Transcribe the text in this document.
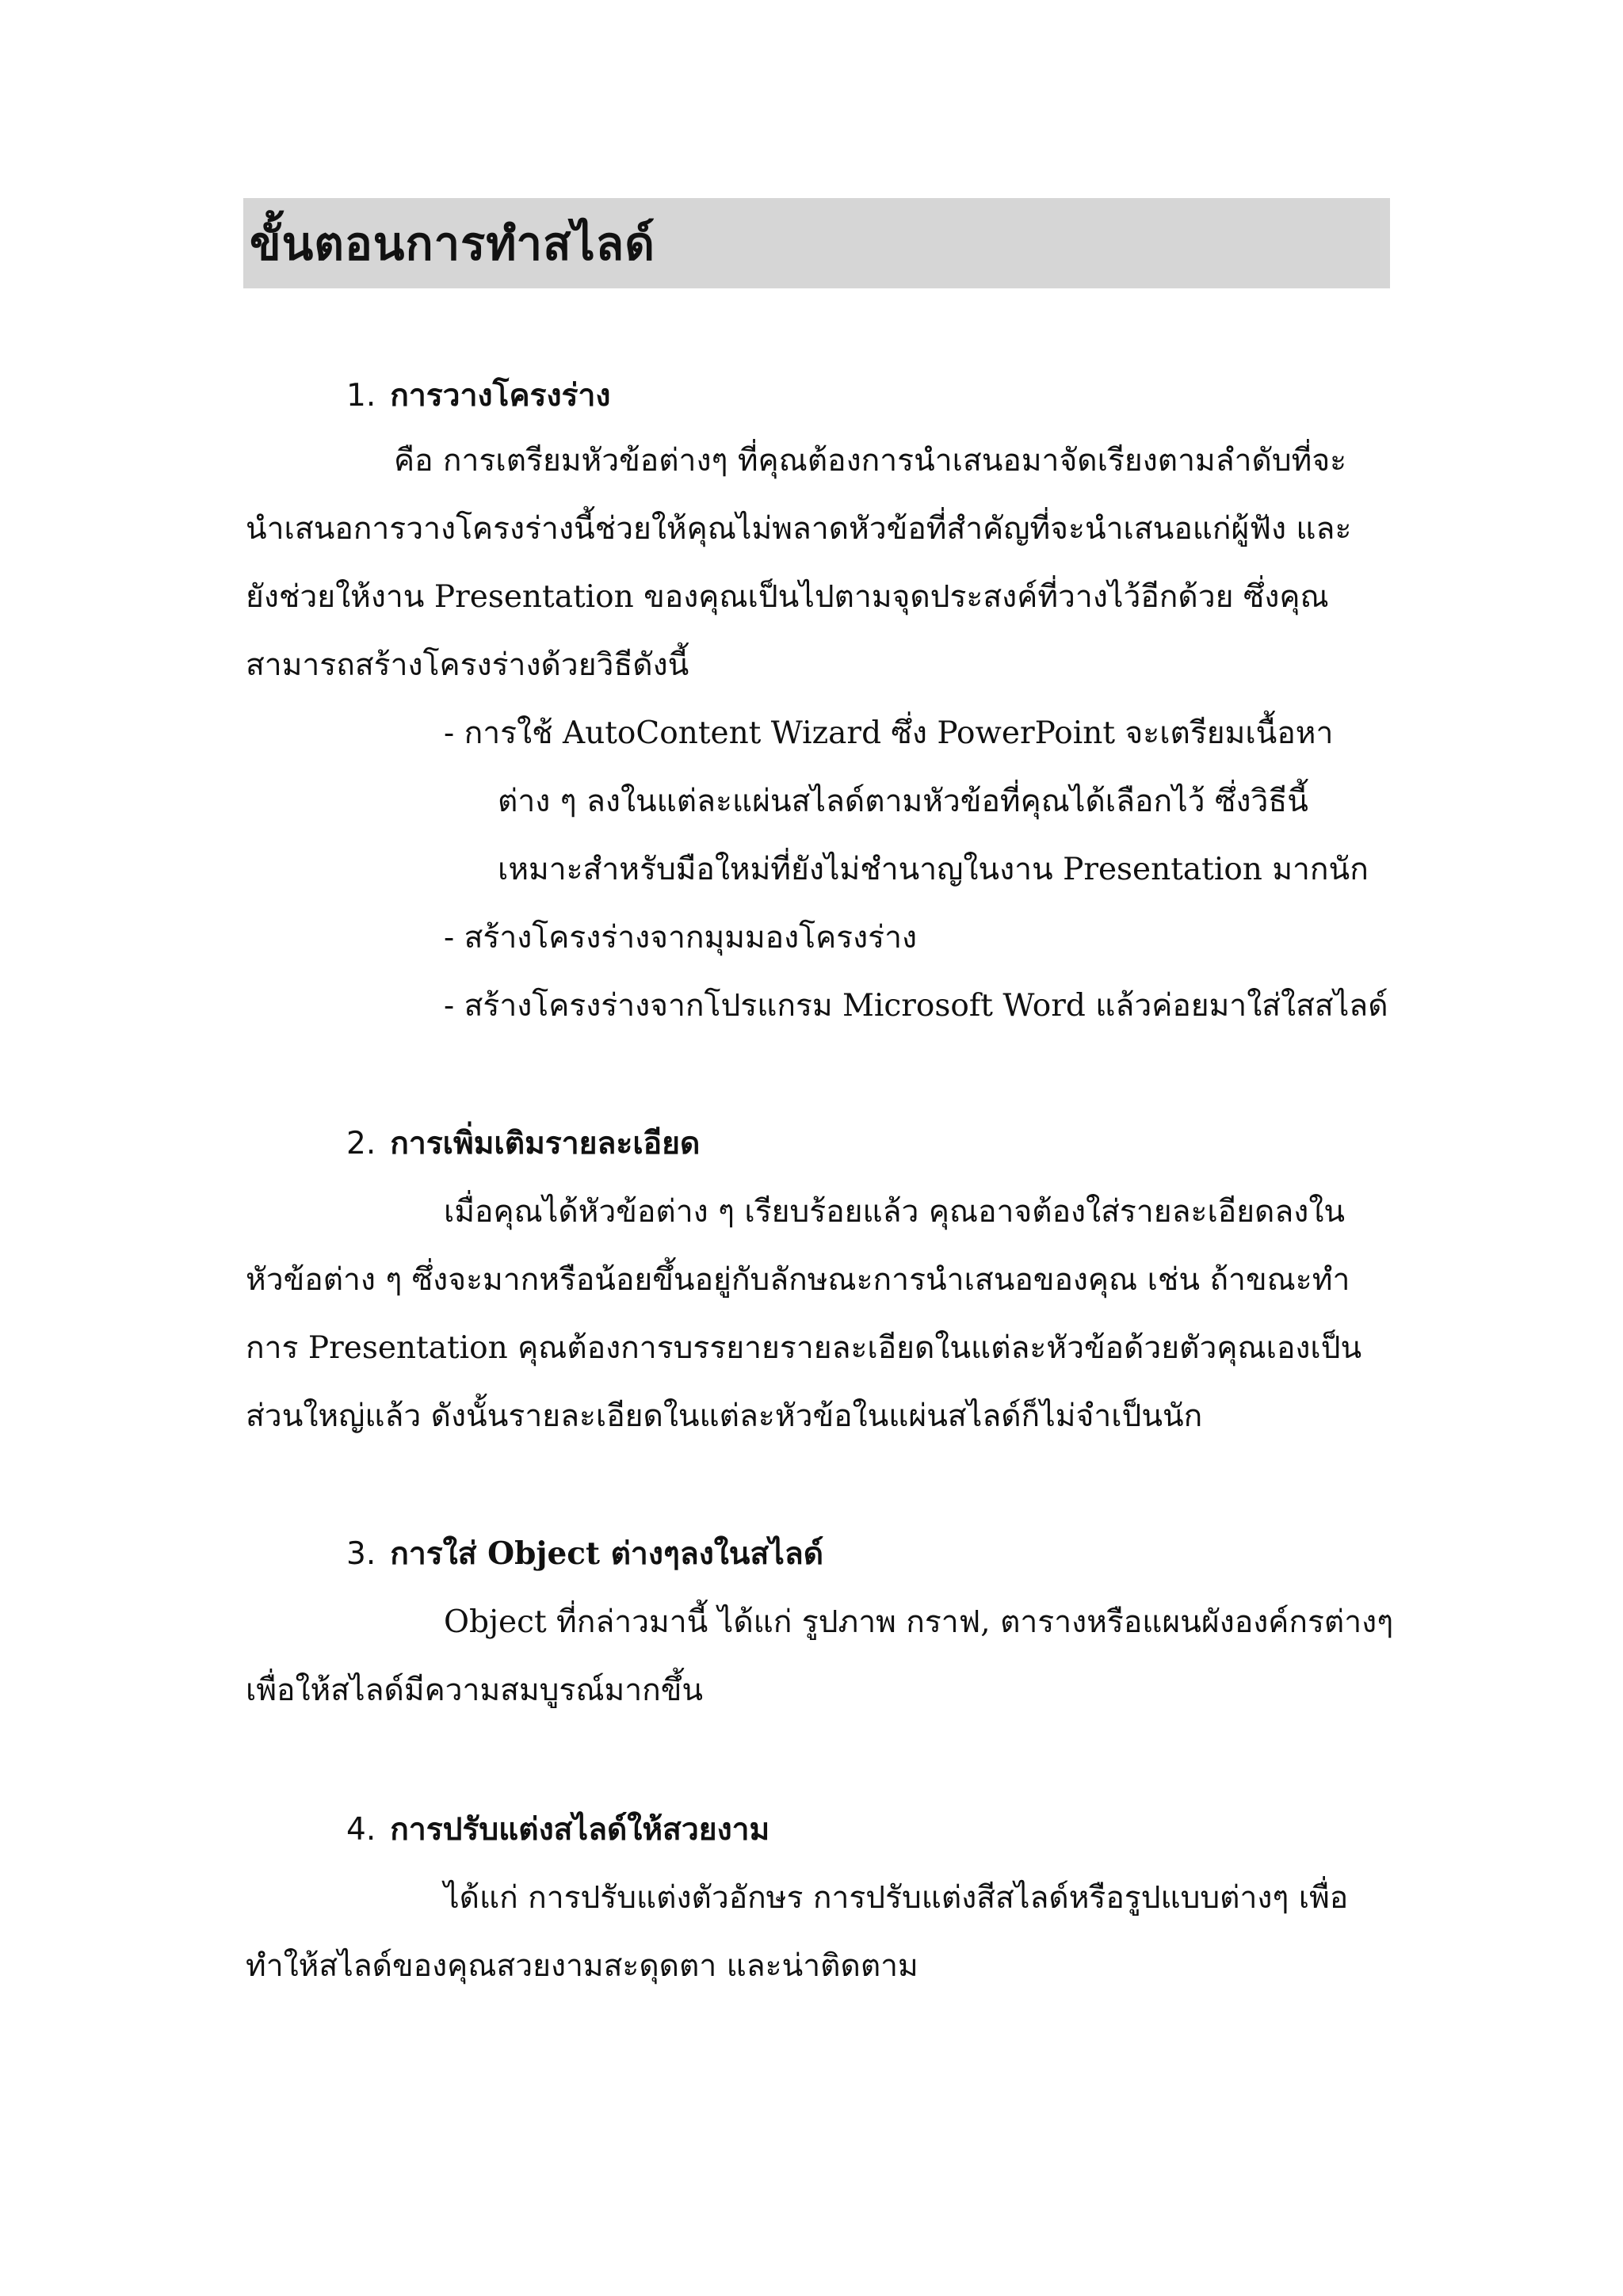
ขั้นตอนการทำสไลด์
1. การวางโครงร่าง
คือ การเตรียมหัวข้อต่างๆ ที่คุณต้องการนำเสนอมาจัดเรียงตามลำดับที่จะ
นำเสนอการวางโครงร่างนี้ช่วยให้คุณไม่พลาดหัวข้อที่สำคัญที่จะนำเสนอแก่ผู้ฟัง และ
ยังช่วยให้งาน Presentation ของคุณเป็นไปตามจุดประสงค์ที่วางไว้อีกด้วย ซึ่งคุณ
สามารถสร้างโครงร่างด้วยวิธีดังนี้
- การใช้ AutoContent Wizard ซึ่ง PowerPoint จะเตรียมเนื้อหา
ต่าง ๆ ลงในแต่ละแผ่นสไลด์ตามหัวข้อที่คุณได้เลือกไว้ ซึ่งวิธีนี้
เหมาะสำหรับมือใหม่ที่ยังไม่ชำนาญในงาน Presentation มากนัก
- สร้างโครงร่างจากมุมมองโครงร่าง
- สร้างโครงร่างจากโปรแกรม Microsoft Word แล้วค่อยมาใส่ใสสไลด์
2. การเพิ่มเติมรายละเอียด
เมื่อคุณได้หัวข้อต่าง ๆ เรียบร้อยแล้ว คุณอาจต้องใส่รายละเอียดลงใน
หัวข้อต่าง ๆ ซึ่งจะมากหรือน้อยขึ้นอยู่กับลักษณะการนำเสนอของคุณ เช่น ถ้าขณะทำ
การ Presentation คุณต้องการบรรยายรายละเอียดในแต่ละหัวข้อด้วยตัวคุณเองเป็น
ส่วนใหญ่แล้ว ดังนั้นรายละเอียดในแต่ละหัวข้อในแผ่นสไลด์ก็ไม่จำเป็นนัก
3. การใส่ Object ต่างๆลงในสไลด์
Object ที่กล่าวมานี้ ได้แก่ รูปภาพ กราฟ, ตารางหรือแผนผังองค์กรต่างๆ
เพื่อให้สไลด์มีความสมบูรณ์มากขึ้น
4. การปรับแต่งสไลด์ให้สวยงาม
ได้แก่ การปรับแต่งตัวอักษร การปรับแต่งสีสไลด์หรือรูปแบบต่างๆ เพื่อ
ทำให้สไลด์ของคุณสวยงามสะดุดตา และน่าติดตาม
